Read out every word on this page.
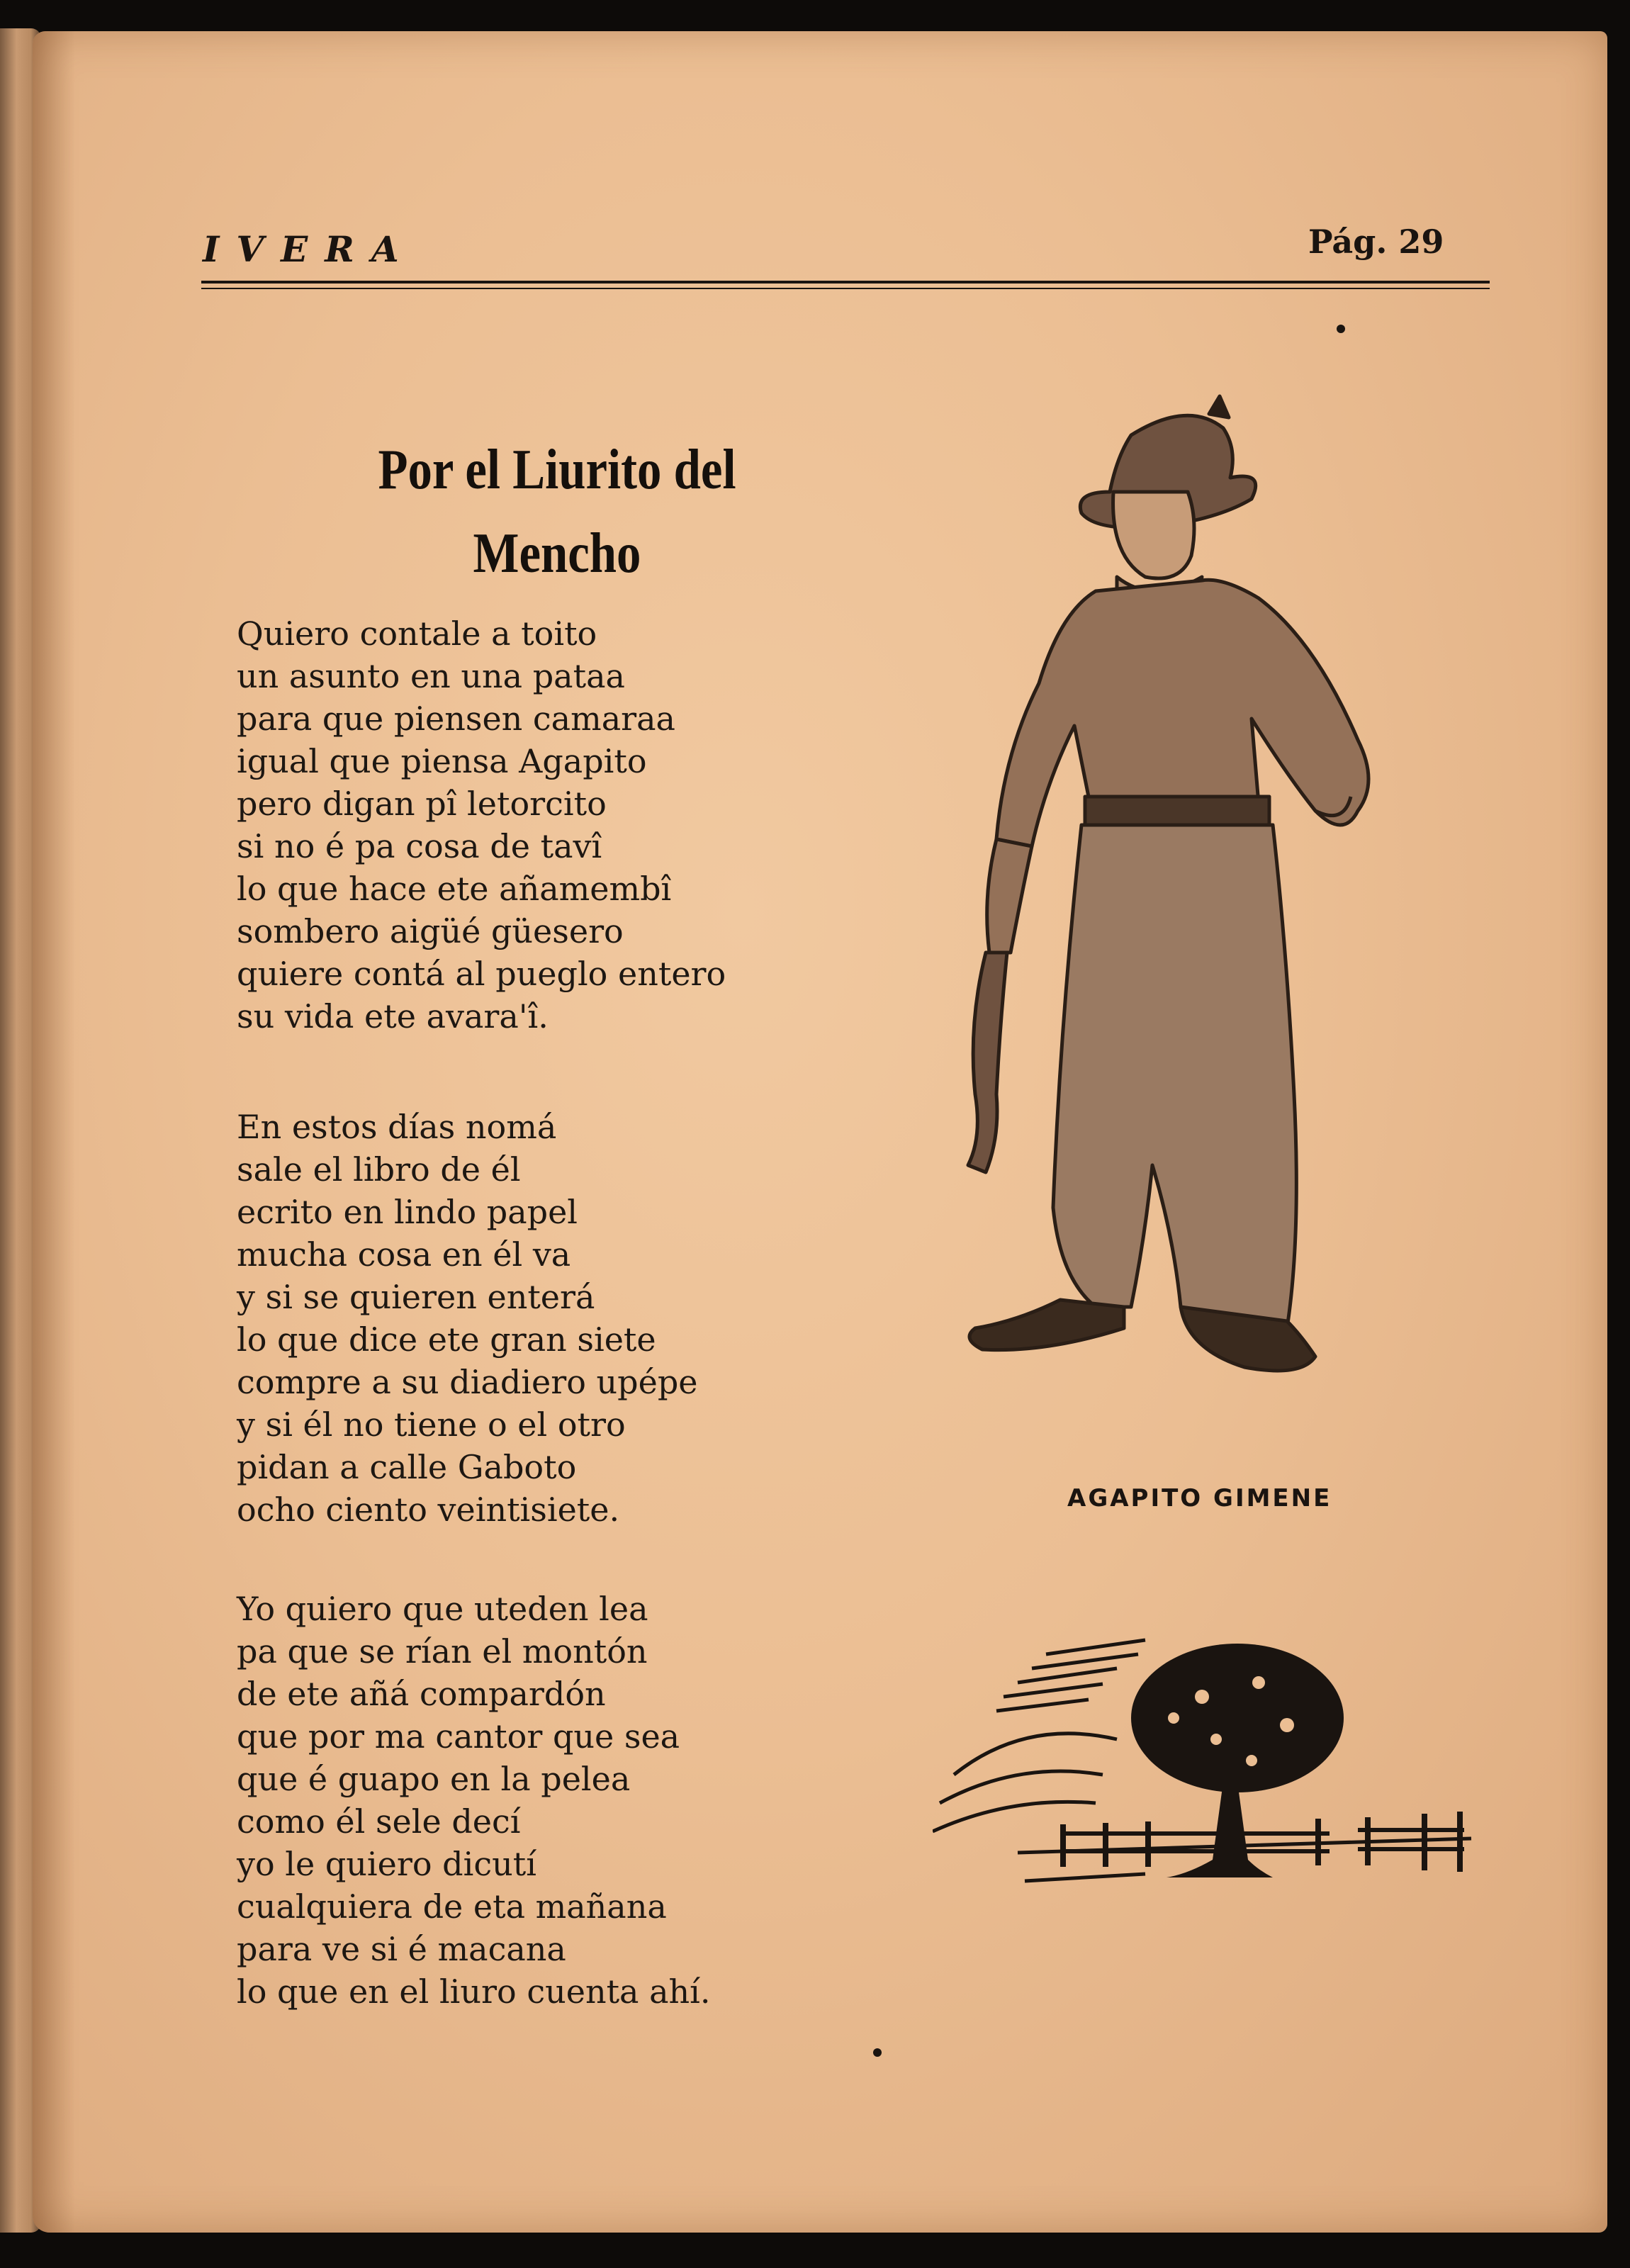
IVERA	Pág. 29
Por el Liurito del
Mencho
Quiero contale a toito
un asunto en una pataa
para que piensen camaraa
igual que piensa Agapito
pero digan pî letorcito
si no é pa cosa de tavî
lo que hace ete añamembî
sombero aigüé güesero
quiere contá al pueglo entero
su vida ete avara'î.
En estos días nomá
sale el libro de él
ecrito en lindo papel
mucha cosa en él va
y si se quieren enterá
lo que dice ete gran siete
compre a su diadiero upépe
y si él no tiene o el otro
pidan a calle Gaboto
ocho ciento veintisiete.
Yo quiero que uteden lea
pa que se rían el montón
de ete añá compardón
que por ma cantor que sea
que é guapo en la pelea
como él sele decí
yo le quiero dicutí
cualquiera de eta mañana
para ve si é macana
lo que en el liuro cuenta ahí.
AGAPITO GIMENE
